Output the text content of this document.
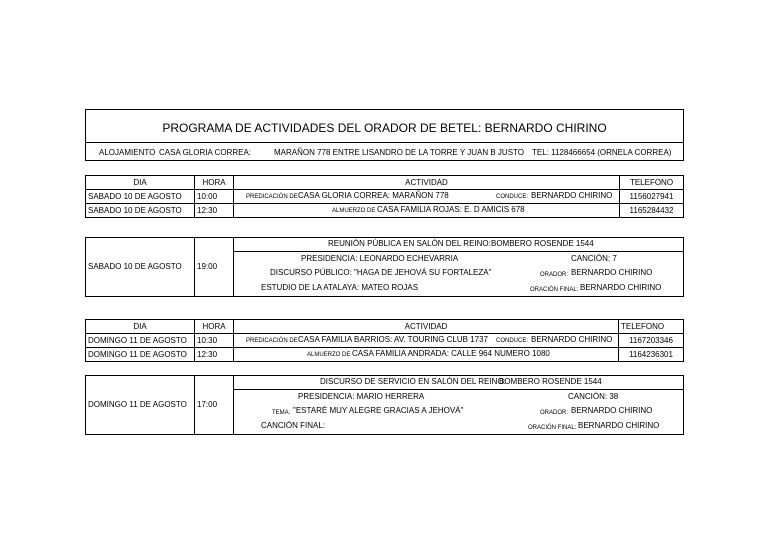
PROGRAMA DE ACTIVIDADES DEL ORADOR DE BETEL: BERNARDO CHIRINO
ALOJAMIENTO CASA GLORIA CORREA:	MARAÑON 778 ENTRE LISANDRO DE LA TORRE Y JUAN B JUSTO TEL: 1128466654 (ORNELA CORREA)
DIA	HORA	ACTIVIDAD	TELEFONO
SABADO 10 DE AGOSTO	10:00	PREDICACIÓN DE CASA GLORIA CORREA: MARAÑON 778	CONDUCE: BERNARDO CHIRINO	1156027941
SABADO 10 DE AGOSTO	12:30	ALMUERZO DE CASA FAMILIA ROJAS: E. D AMICIS 678	1165284432
SABADO 10 DE AGOSTO 19:00
REUNIÓN PÚBLICA EN SALÓN DEL REINO: BOMBERO ROSENDE 1544
PRESIDENCIA: LEONARDO ECHEVARRIA	CANCIÓN: 7
DISCURSO PÚBLICO: "HAGA DE JEHOVÁ SU FORTALEZA"	ORADOR: BERNARDO CHIRINO
ESTUDIO DE LA ATALAYA: MATEO ROJAS	ORACIÓN FINAL: BERNARDO CHIRINO
DIA	HORA	ACTIVIDAD	TELEFONO
DOMINGO 11 DE AGOSTO	10:30	PREDICACIÓN DE CASA FAMILIA BARRIOS: AV. TOURING CLUB 1737 CONDUCE: BERNARDO CHIRINO	1167203346
DOMINGO 11 DE AGOSTO	12:30	ALMUERZO DE CASA FAMILIA ANDRADA: CALLE 964 NUMERO 1080	1164236301
DOMINGO 11 DE AGOSTO 17:00
DISCURSO DE SERVICIO EN SALÓN DEL REINO:
BOMBERO ROSENDE 1544
PRESIDENCIA: MARIO HERRERA	CANCIÓN: 38
TEMA: "ESTARÉ MUY ALEGRE GRACIAS A JEHOVÁ"	ORADOR: BERNARDO CHIRINO
CANCIÓN FINAL:	ORACIÓN FINAL: BERNARDO CHIRINO
